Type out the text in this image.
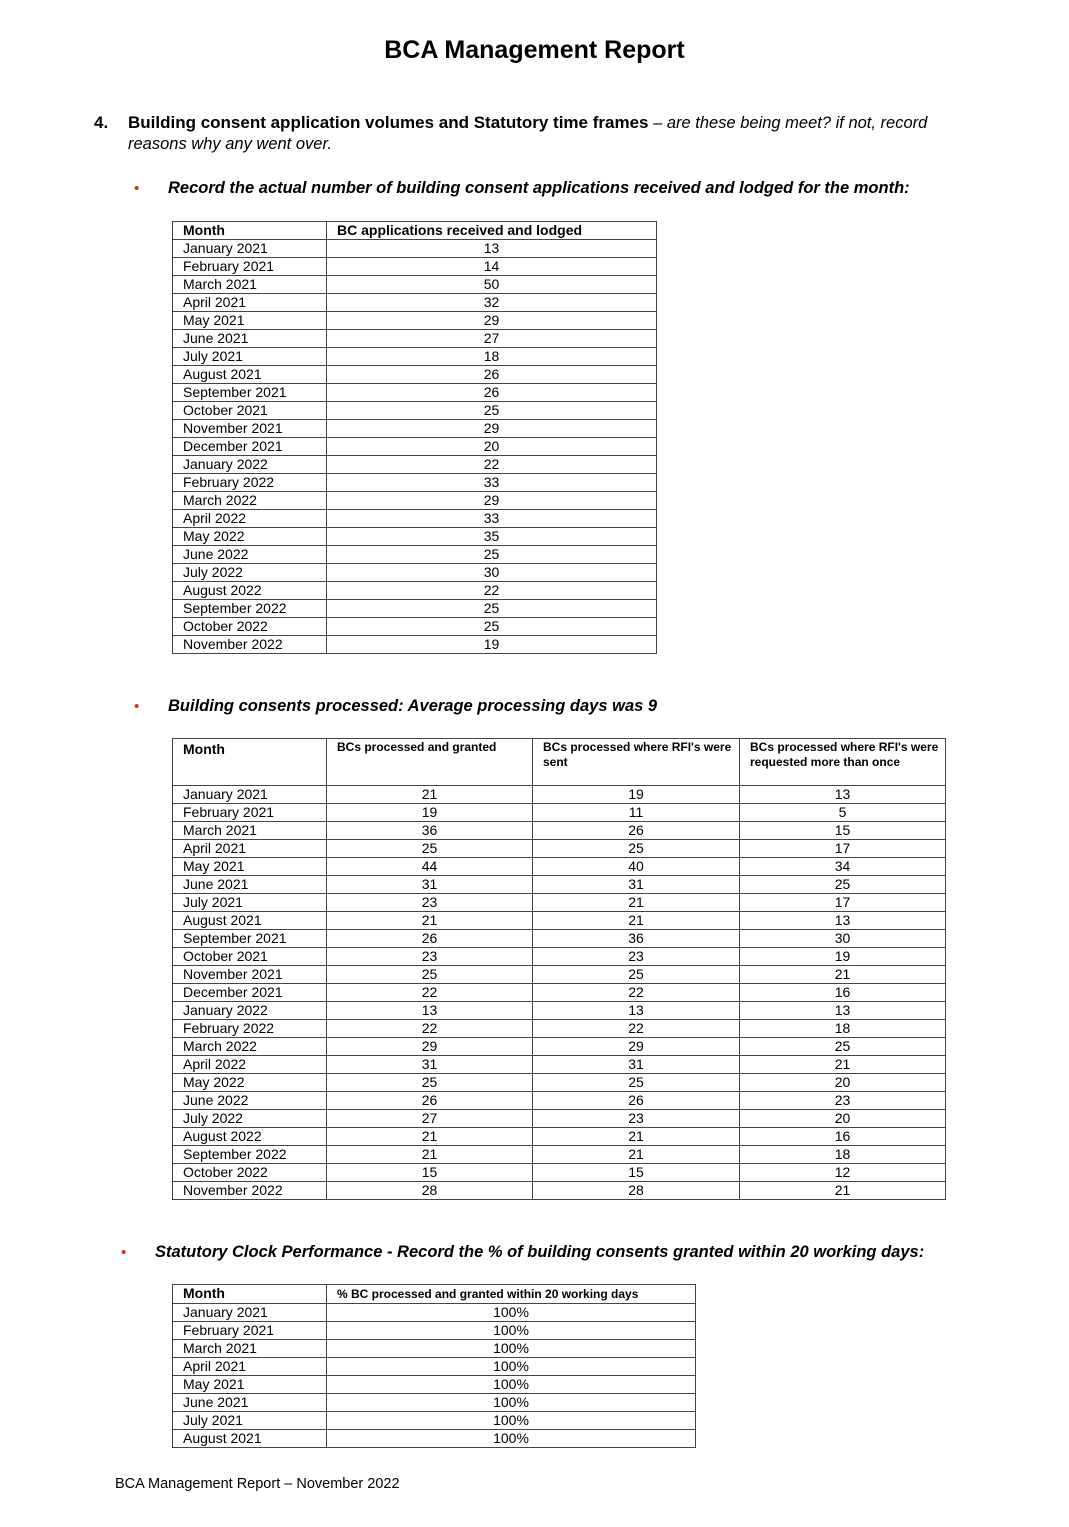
BCA Management Report
4. Building consent application volumes and Statutory time frames – are these being meet? if not, record reasons why any went over.
• Record the actual number of building consent applications received and lodged for the month:
Month	BC applications received and lodged
January 2021	13
February 2021	14
March 2021	50
April 2021	32
May 2021	29
June 2021	27
July 2021	18
August 2021	26
September 2021	26
October 2021	25
November 2021	29
December 2021	20
January 2022	22
February 2022	33
March 2022	29
April 2022	33
May 2022	35
June 2022	25
July 2022	30
August 2022	22
September 2022	25
October 2022	25
November 2022	19
• Building consents processed: Average processing days was 9
Month	BCs processed and granted	BCs processed where RFI's were sent	BCs processed where RFI's were requested more than once
January 2021	21	19	13
February 2021	19	11	5
March 2021	36	26	15
April 2021	25	25	17
May 2021	44	40	34
June 2021	31	31	25
July 2021	23	21	17
August 2021	21	21	13
September 2021	26	36	30
October 2021	23	23	19
November 2021	25	25	21
December 2021	22	22	16
January 2022	13	13	13
February 2022	22	22	18
March 2022	29	29	25
April 2022	31	31	21
May 2022	25	25	20
June 2022	26	26	23
July 2022	27	23	20
August 2022	21	21	16
September 2022	21	21	18
October 2022	15	15	12
November 2022	28	28	21
• Statutory Clock Performance - Record the % of building consents granted within 20 working days:
Month	% BC processed and granted within 20 working days
January 2021	100%
February 2021	100%
March 2021	100%
April 2021	100%
May 2021	100%
June 2021	100%
July 2021	100%
August 2021	100%
BCA Management Report – November 2022
